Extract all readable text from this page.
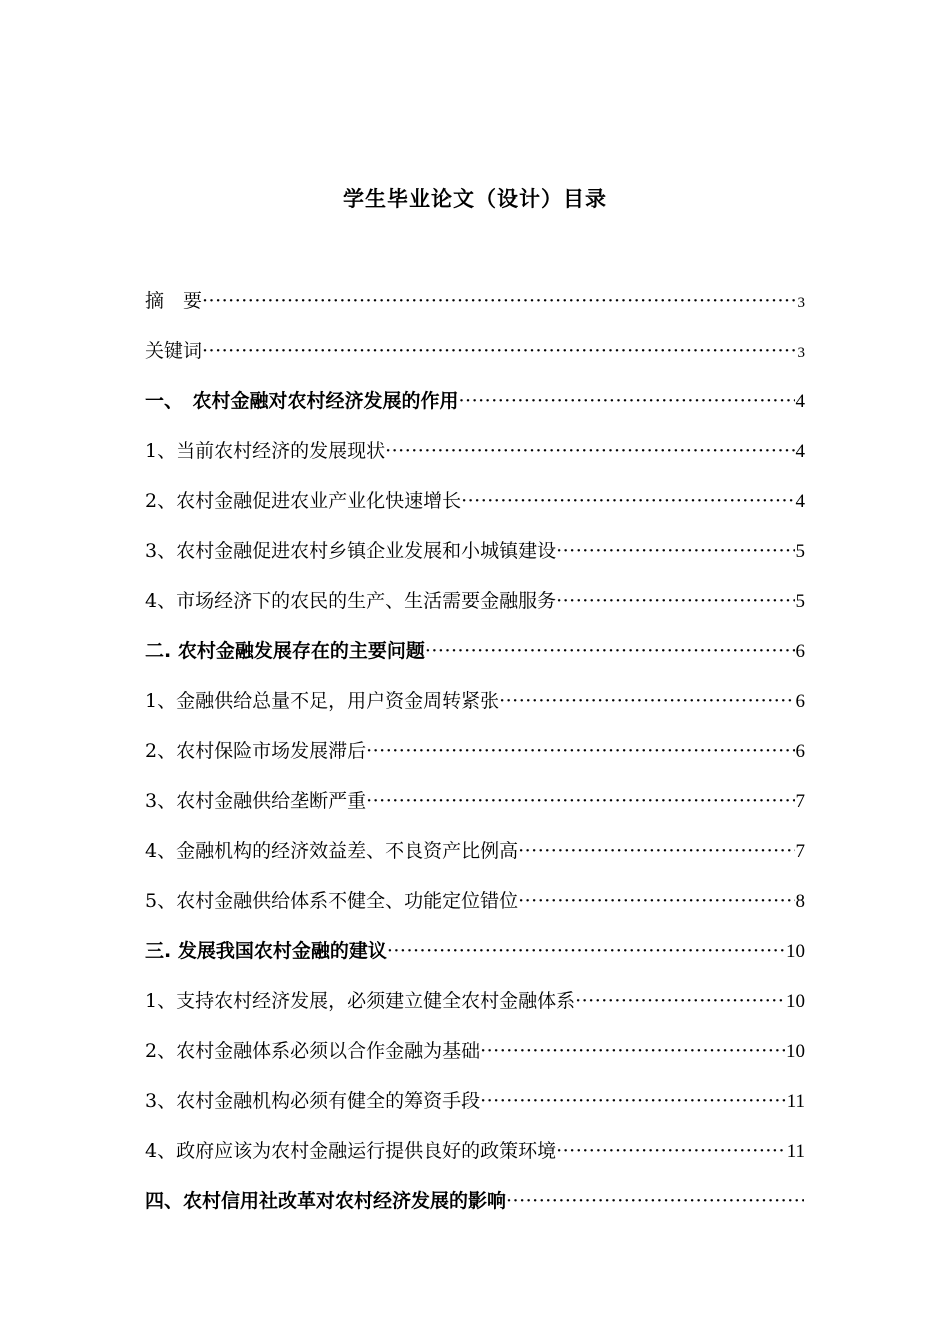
学生毕业论文（设计）目录
摘　要 ·····	3
关键词 ·····	3
一、　农村金融对农村经济发展的作用 ·····	4
1、当前农村经济的发展现状 ·····	4
2、农村金融促进农业产业化快速增长 ·····	4
3、农村金融促进农村乡镇企业发展和小城镇建设 ·····	5
4、市场经济下的农民的生产、生活需要金融服务 ·····	5
二. 农村金融发展存在的主要问题 ·····	6
1、金融供给总量不足，用户资金周转紧张 ·····	6
2、农村保险市场发展滞后 ·····	6
3、农村金融供给垄断严重 ·····	7
4、金融机构的经济效益差、不良资产比例高 ·····	7
5、农村金融供给体系不健全、功能定位错位 ·····	8
三. 发展我国农村金融的建议 ·····	10
1、支持农村经济发展，必须建立健全农村金融体系 ·····	10
2、农村金融体系必须以合作金融为基础 ·····	10
3、农村金融机构必须有健全的筹资手段 ·····	11
4、政府应该为农村金融运行提供良好的政策环境 ·····	11
四、农村信用社改革对农村经济发展的影响
·····
